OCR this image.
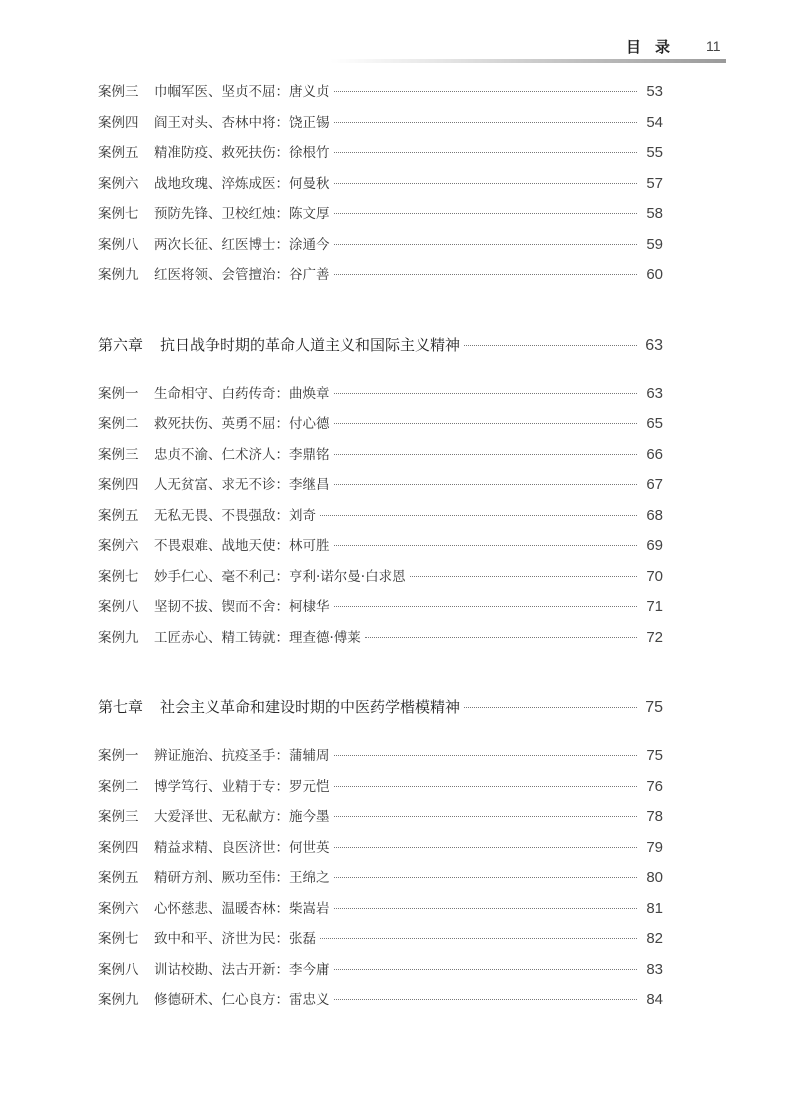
目录 11
案例三	巾帼军医、坚贞不屈：唐义贞	53
案例四	阎王对头、杏林中将：饶正锡	54
案例五	精准防疫、救死扶伤：徐根竹	55
案例六	战地玫瑰、淬炼成医：何曼秋	57
案例七	预防先锋、卫校红烛：陈文厚	58
案例八	两次长征、红医博士：涂通今	59
案例九	红医将领、会管擅治：谷广善	60
第六章	抗日战争时期的革命人道主义和国际主义精神	63
案例一	生命相守、白药传奇：曲焕章	63
案例二	救死扶伤、英勇不屈：付心德	65
案例三	忠贞不渝、仁术济人：李鼎铭	66
案例四	人无贫富、求无不诊：李继昌	67
案例五	无私无畏、不畏强敌：刘奇	68
案例六	不畏艰难、战地天使：林可胜	69
案例七	妙手仁心、毫不利己：亨利·诺尔曼·白求恩	70
案例八	坚韧不拔、锲而不舍：柯棣华	71
案例九	工匠赤心、精工铸就：理查德·傅莱	72
第七章	社会主义革命和建设时期的中医药学楷模精神	75
案例一	辨证施治、抗疫圣手：蒲辅周	75
案例二	博学笃行、业精于专：罗元恺	76
案例三	大爱泽世、无私献方：施今墨	78
案例四	精益求精、良医济世：何世英	79
案例五	精研方剂、厥功至伟：王绵之	80
案例六	心怀慈悲、温暖杏林：柴嵩岩	81
案例七	致中和平、济世为民：张磊	82
案例八	训诂校勘、法古开新：李今庸	83
案例九	修德研术、仁心良方：雷忠义	84
